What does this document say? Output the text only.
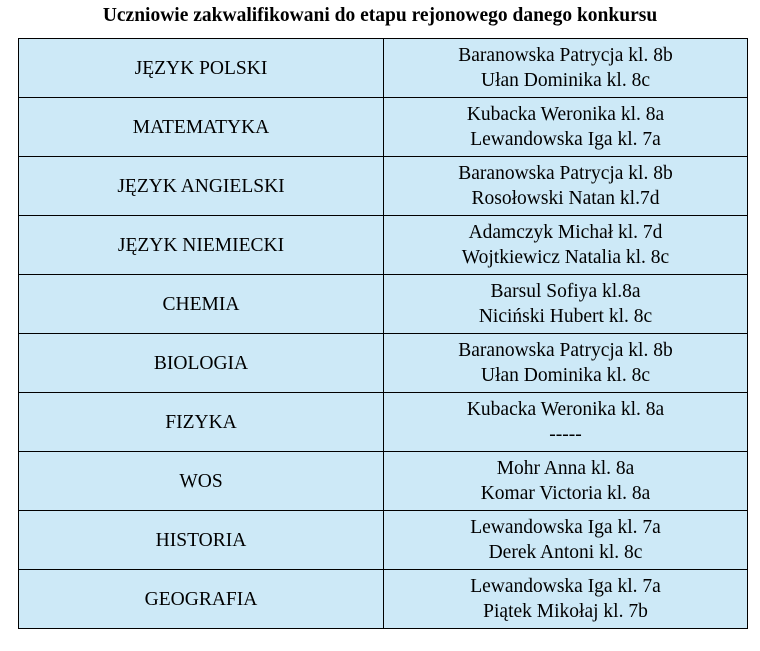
Uczniowie zakwalifikowani do etapu rejonowego danego konkursu
JĘZYK POLSKI	Baranowska Patrycja kl. 8b
Ułan Dominika kl. 8c

MATEMATYKA	Kubacka Weronika kl. 8a
Lewandowska Iga kl. 7a

JĘZYK ANGIELSKI	Baranowska Patrycja kl. 8b
Rosołowski Natan kl.7d

JĘZYK NIEMIECKI	Adamczyk Michał kl. 7d
Wojtkiewicz Natalia kl. 8c

CHEMIA	Barsul Sofiya kl.8a
Niciński Hubert kl. 8c

BIOLOGIA	Baranowska Patrycja kl. 8b
Ułan Dominika kl. 8c

FIZYKA	Kubacka Weronika kl. 8a
-----

WOS	Mohr Anna kl. 8a
Komar Victoria kl. 8a

HISTORIA	Lewandowska Iga kl. 7a
Derek Antoni kl. 8c

GEOGRAFIA	Lewandowska Iga kl. 7a
Piątek Mikołaj kl. 7b
